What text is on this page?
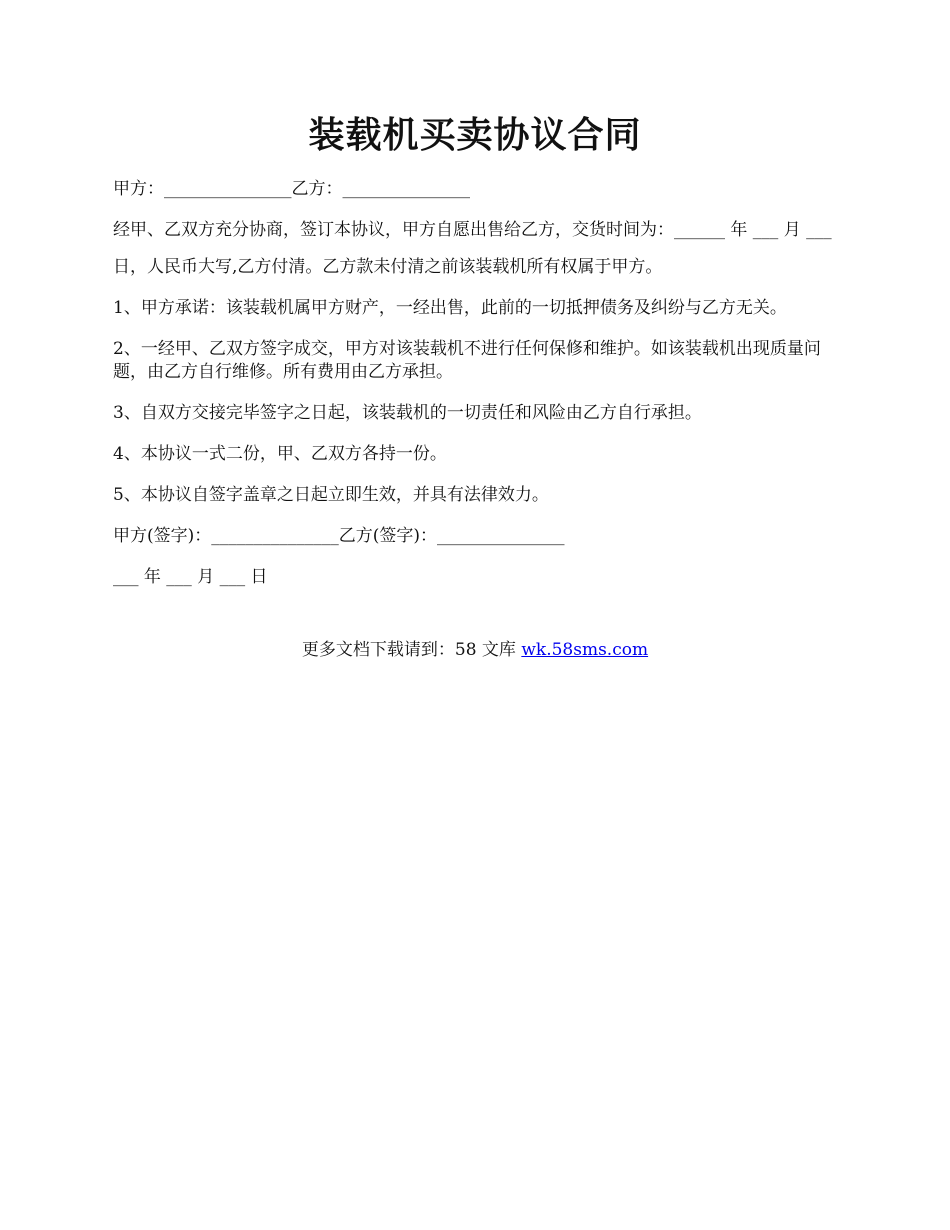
装载机买卖协议合同

甲方：_______________乙方：_______________

经甲、乙双方充分协商，签订本协议，甲方自愿出售给乙方，交货时间为：______ 年 ___ 月 ___

日，人民币大写,乙方付清。乙方款未付清之前该装载机所有权属于甲方。

1、甲方承诺：该装载机属甲方财产，一经出售，此前的一切抵押债务及纠纷与乙方无关。

2、一经甲、乙双方签字成交，甲方对该装载机不进行任何保修和维护。如该装载机出现质量问题，由乙方自行维修。所有费用由乙方承担。

3、自双方交接完毕签字之日起，该装载机的一切责任和风险由乙方自行承担。

4、本协议一式二份，甲、乙双方各持一份。

5、本协议自签字盖章之日起立即生效，并具有法律效力。

甲方(签字)：_______________乙方(签字)：_______________

___ 年 ___ 月 ___ 日

更多文档下载请到：58 文库 wk.58sms.com
